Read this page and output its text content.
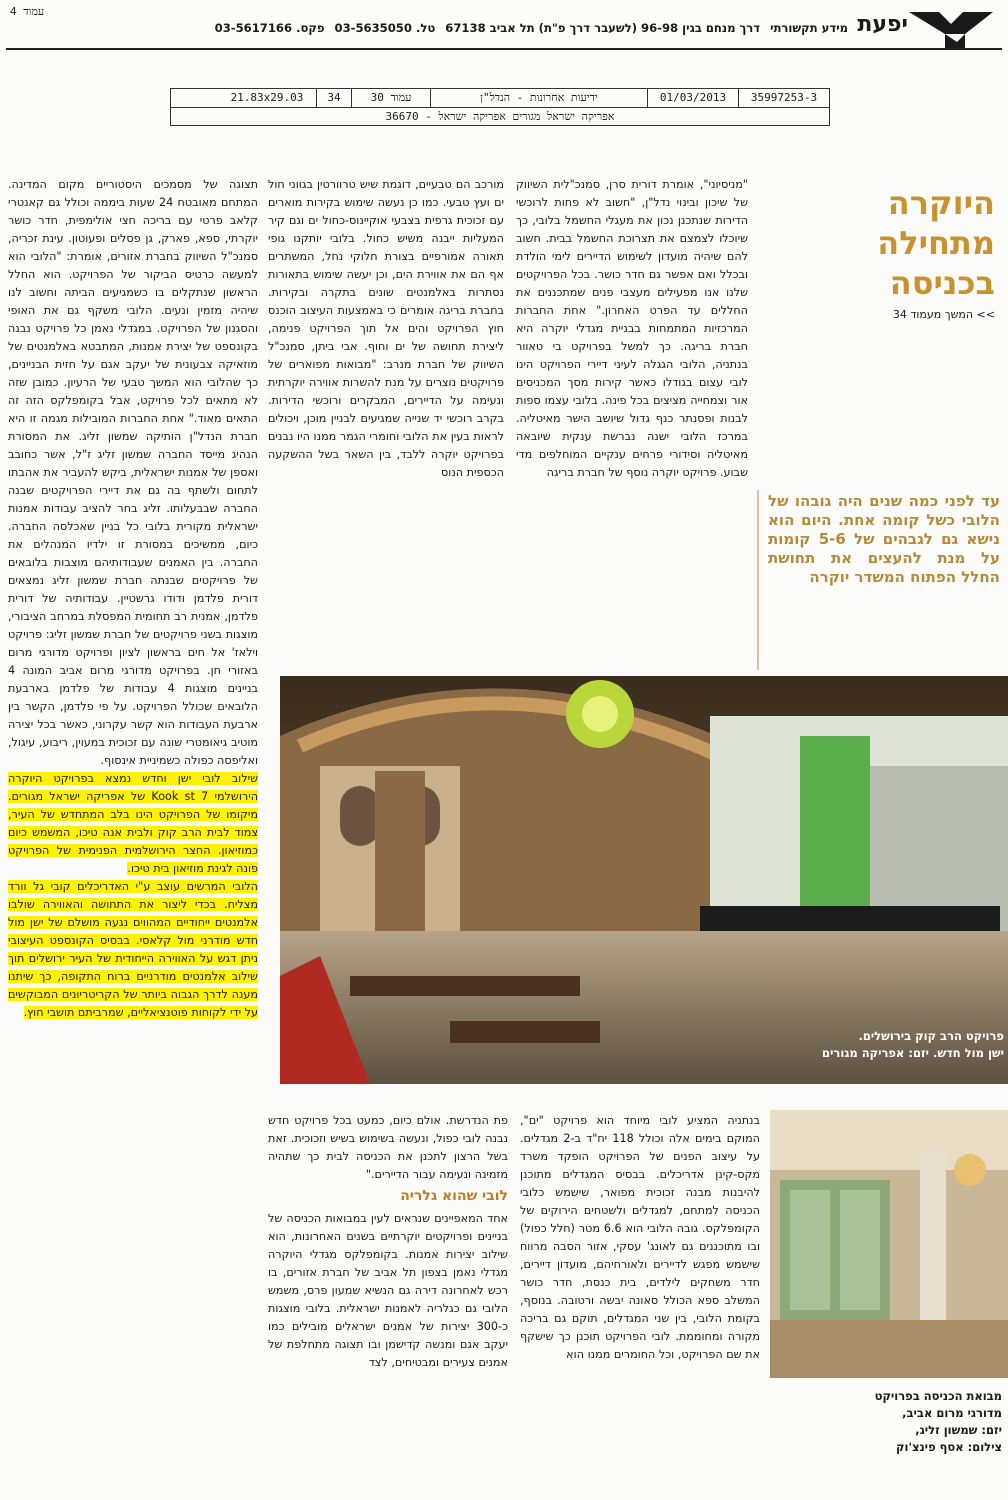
יפעת
מידע תקשורתי
דרך מנחם בגין 96-98 (לשעבר דרך פ"ת) תל אביב 67138
טל. 03-5635050
פקס. 03-5617166
עמוד 4
35997253-3
01/03/2013
ידיעות אחרונות - הנדל"ן
עמוד 30
34
21.83x29.03
אפריקה ישראל מגורים אפריקה ישראל - 36670
היוקרה
מתחילה
בכניסה
>> המשך מעמוד 34
עד לפני כמה שנים היה גובהו של הלובי כשל קומה אחת. היום הוא נישא גם לגבהים של 5-6 קומות על מנת להעצים את תחושת החלל הפתוח המשדר יוקרה

"מניסיוני", אומרת דורית סרן, סמנכ"לית השיווק של שיכון ובינוי נדל"ן, "חשוב לא פחות לרוכשי הדירות שנתכנן נכון את מעגלי החשמל בלובי, כך שיוכלו לצמצם את תצרוכת החשמל בבית. חשוב להם שיהיה מועדון לשימוש הדיירים לימי הולדת ובכלל ואם אפשר גם חדר כושר. בכל הפרויקטים שלנו אנו מפעילים מעצבי פנים שמתכננים את החללים עד הפרט האחרון." אחת החברות המרכזיות המתמחות בבניית מגדלי יוקרה היא חברת בריגה. כך למשל בפרויקט בי טאוור בנתניה, הלובי הגגלה לעיני דיירי הפרויקט הינו לובי עצום בגודלו כאשר קירות מסך המכניסים אור וצמחייה מציצים בכל פינה. בלובי עצמו ספות לבנות ופסנתר כנף גדול שיושב הישר מאיטליה. במרכז הלובי ישנה נברשת ענקית שיובאה מאיטליה וסידורי פרחים ענקיים המוחלפים מדי שבוע. פרויקט יוקרה נוסף של חברת בריגה

מורכב הם טבעיים, דוגמת שיש טרוורטין בגווני חול ים ועץ טבעי. כמו כן נעשה שימוש בקירות מוארים עם זכוכית גרפית בצבעי אוקיינוס-כחול ים וגם קיר המעליות ייבנה משיש כחול. בלובי יותקנו גופי תאורה אמורפיים בצורת חלוקי נחל, המשתרים אף הם את אווירת הים, וכן יעשה שימוש בתאורות נסתרות באלמנטים שונים בתקרה ובקירות. בחברת בריגה אומרים כי באמצעות העיצוב הוכנס חוץ הפרויקט והים אל תוך הפרויקט פנימה, ליצירת תחושה של ים וחוף. אבי ביתן, סמנכ"ל השיווק של חברת מנרב: "מבואות מפוארים של פרויקטים נוצרים על מנת להשרות אווירה יוקרתית ונעימה על הדיירים, המבקרים ורוכשי הדירות. בקרב רוכשי יד שנייה שמגיעים לבניין מוכן, ויכולים לראות בעין את הלובי וחומרי הגמר ממנו היו נבנים בפרויקט יוקרה ללבד, בין השאר בשל ההשקעה הכספית הנוס

תצוגה של מסמכים היסטוריים מקום המדינה. המתחם מאובטח 24 שעות ביממה וכולל גם קאנטרי קלאב פרטי עם בריכה חצי אולימפית, חדר כושר יוקרתי, ספא, פארק, גן פסלים ופעוטון. עינת זכריה, סמנכ"ל השיווק בחברת אזורים, אומרת: "הלובי הוא למעשה כרטיס הביקור של הפרויקט. הוא החלל הראשון שנתקלים בו כשמגיעים הביתה וחשוב לנו שיהיה מזמין ונעים. הלובי משקף גם את האופי והסגנון של הפרויקט. במגדלי נאמן כל פרויקט נבנה בקונספט של יצירת אמנות, המתבטא באלמנטים של מוזאיקה צבעונית של יעקב אגם על חזית הבניינים, כך שהלובי הוא המשך טבעי של הרעיון. כמובן שזה לא מתאים לכל פרויקט, אבל בקומפלקס הזה זה התאים מאוד." אחת החברות המובילות מגמה זו היא חברת הנדל"ן הותיקה שמשון זליג. את המסורת הנהיג מייסד החברה שמשון זליג ז"ל, אשר כחובב ואספן של אמנות ישראלית, ביקש להעביר את אהבתו לתחום ולשתף בה גם את דיירי הפרויקטים שבנה החברה שבבעלותו. זליג בחר להציב עבודות אמנות ישראלית מקורית בלובי כל בניין שאכלסה החברה. כיום, ממשיכים במסורת זו ילדיו המנהלים את החברה. בין האמנים שעבודותיהם מוצבות בלובאים של פרויקטים שבנתה חברת שמשון זליג נמצאים דורית פלדמן ודודו גרשטיין. עבודותיה של דורית פלדמן, אמנית רב תחומית המפסלת במרחב הציבורי, מוצגות בשני פרויקטים של חברת שמשון זליג: פרויקט וילאז' אל חים בראשון לציון ופרויקט מדורגי מרום באזורי חן. בפרויקט מדורגי מרום אביב המונה 4 בניינים מוצגות 4 עבודות של פלדמן בארבעת הלובאים שכולל הפרויקט. על פי פלדמן, הקשר בין ארבעת העבודות הוא קשר עקרוני, כאשר בכל יצירה מוטיב גיאומטרי שונה עם זכוכית במעוין, ריבוע, עיגול, ואליפסה כפולה כשמיניית אינסוף.

שילוב לובי ישן וחדש נמצא בפרויקט היוקרה הירושלמי 7 Kook st של אפריקה ישראל מגורים. מיקומו של הפרויקט הינו בלב המתחדש של העיר, צמוד לבית הרב קוק ולבית אנה טיכו, המשמש כיום כמוזיאון. החצר הירושלמית הפנימית של הפרויקט פונה לגינת מוזיאון בית טיכו.

הלובי המרשים עוצב ע"י האדריכלים קובי גל וורד מצליח. בכדי ליצור את התחושה והאווירה שולבו אלמנטים ייחודיים המהווים נגעה מושלם של ישן מול חדש מודרני מול קלאסי. בבסיס הקונספט העיצובי ניתן דגש על האווירה הייחודית של העיר ירושלים תוך שילוב אלמנטים מודרניים ברוח התקופה, כך שיתנו מענה לדרך הגבוה ביותר של הקריטריונים המבוקשים על ידי לקוחות פוטנציאליים, שמרביתם תושבי חוץ.

פרויקט הרב קוק בירושלים.
ישן מול חדש. יזם: אפריקה מגורים

בנתניה המציע לובי מיוחד הוא פרויקט "ים", המוקם בימים אלה וכולל 118 יח"ד ב-2 מגדלים. על עיצוב הפנים של הפרויקט הופקד משרד מקס-קינן אדריכלים. בבסיס המגדלים מתוכנן להיבנות מבנה זכוכית מפואר, שישמש כלובי הכניסה למתחם, למגדלים ולשטחים הירוקים של הקומפלקס. גובה הלובי הוא 6.6 מטר (חלל כפול) ובו מתוכננים גם לאונג' עסקי, אזור הסבה מרווח שישמש מפגש לדיירים ולאורחיהם, מועדון דיירים, חדר משחקים לילדים, בית כנסת, חדר כושר המשלב ספא הכולל סאונה יבשה ורטובה. בנוסף, בקומת הלובי, בין שני המגדלים, תוקם גם בריכה מקורה ומחוממת. לובי הפרויקט תוכנן כך שישקף את שם הפרויקט, וכל החומרים ממנו הוא

פת הנדרשת. אולם כיום, כמעט בכל פרויקט חדש נבנה לובי כפול, ונעשה בשימוש בשיש וזכוכית. זאת בשל הרצון לתכנן את הכניסה לבית כך שתהיה מזמינה ונעימה עבור הדיירים."

לובי שהוא גלריה

אחד המאפיינים שנראים לעין במבואות הכניסה של בניינים ופרויקטים יוקרתיים בשנים האחרונות, הוא שילוב יצירות אמנות. בקומפלקס מגדלי היוקרה מגדלי נאמן בצפון תל אביב של חברת אזורים, בו רכש לאחרונה דירה גם הנשיא שמעון פרס, משמש הלובי גם כגלריה לאמנות ישראלית. בלובי מוצגות כ-300 יצירות של אמנים ישראלים מובילים כמו יעקב אגם ומנשה קדישמן ובו תצוגה מתחלפת של אמנים צעירים ומבטיחים, לצד

מבואת הכניסה בפרויקט
מדורגי מרום אביב,
יזם: שמשון זליג,
צילום: אסף פינצ'וק
